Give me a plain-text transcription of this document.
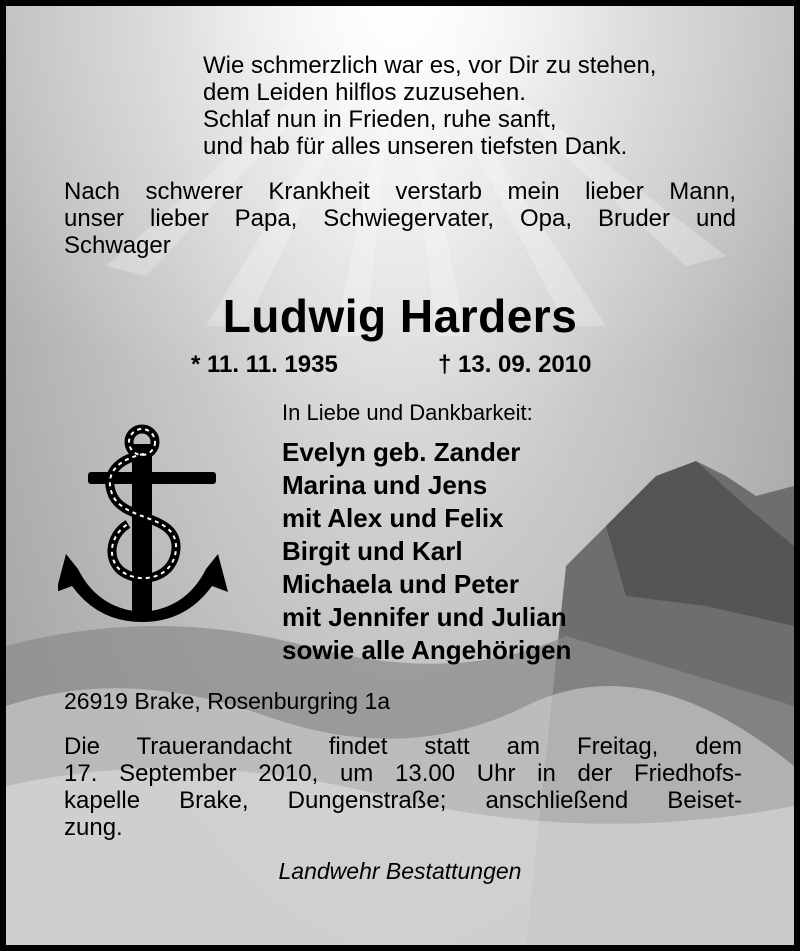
Wie schmerzlich war es, vor Dir zu stehen,
dem Leiden hilflos zuzusehen.
Schlaf nun in Frieden, ruhe sanft,
und hab für alles unseren tiefsten Dank.
Nach schwerer Krankheit verstarb mein lieber Mann,
unser lieber Papa, Schwiegervater, Opa, Bruder und
Schwager
Ludwig Harders
* 11. 11. 1935	† 13. 09. 2010
In Liebe und Dankbarkeit:
Evelyn geb. Zander
Marina und Jens
mit Alex und Felix
Birgit und Karl
Michaela und Peter
mit Jennifer und Julian
sowie alle Angehörigen
26919 Brake, Rosenburgring 1a
Die Trauerandacht findet statt am Freitag, dem
17. September 2010, um 13.00 Uhr in der Friedhofs-
kapelle Brake, Dungenstraße; anschließend Beiset-
zung.
Landwehr Bestattungen
